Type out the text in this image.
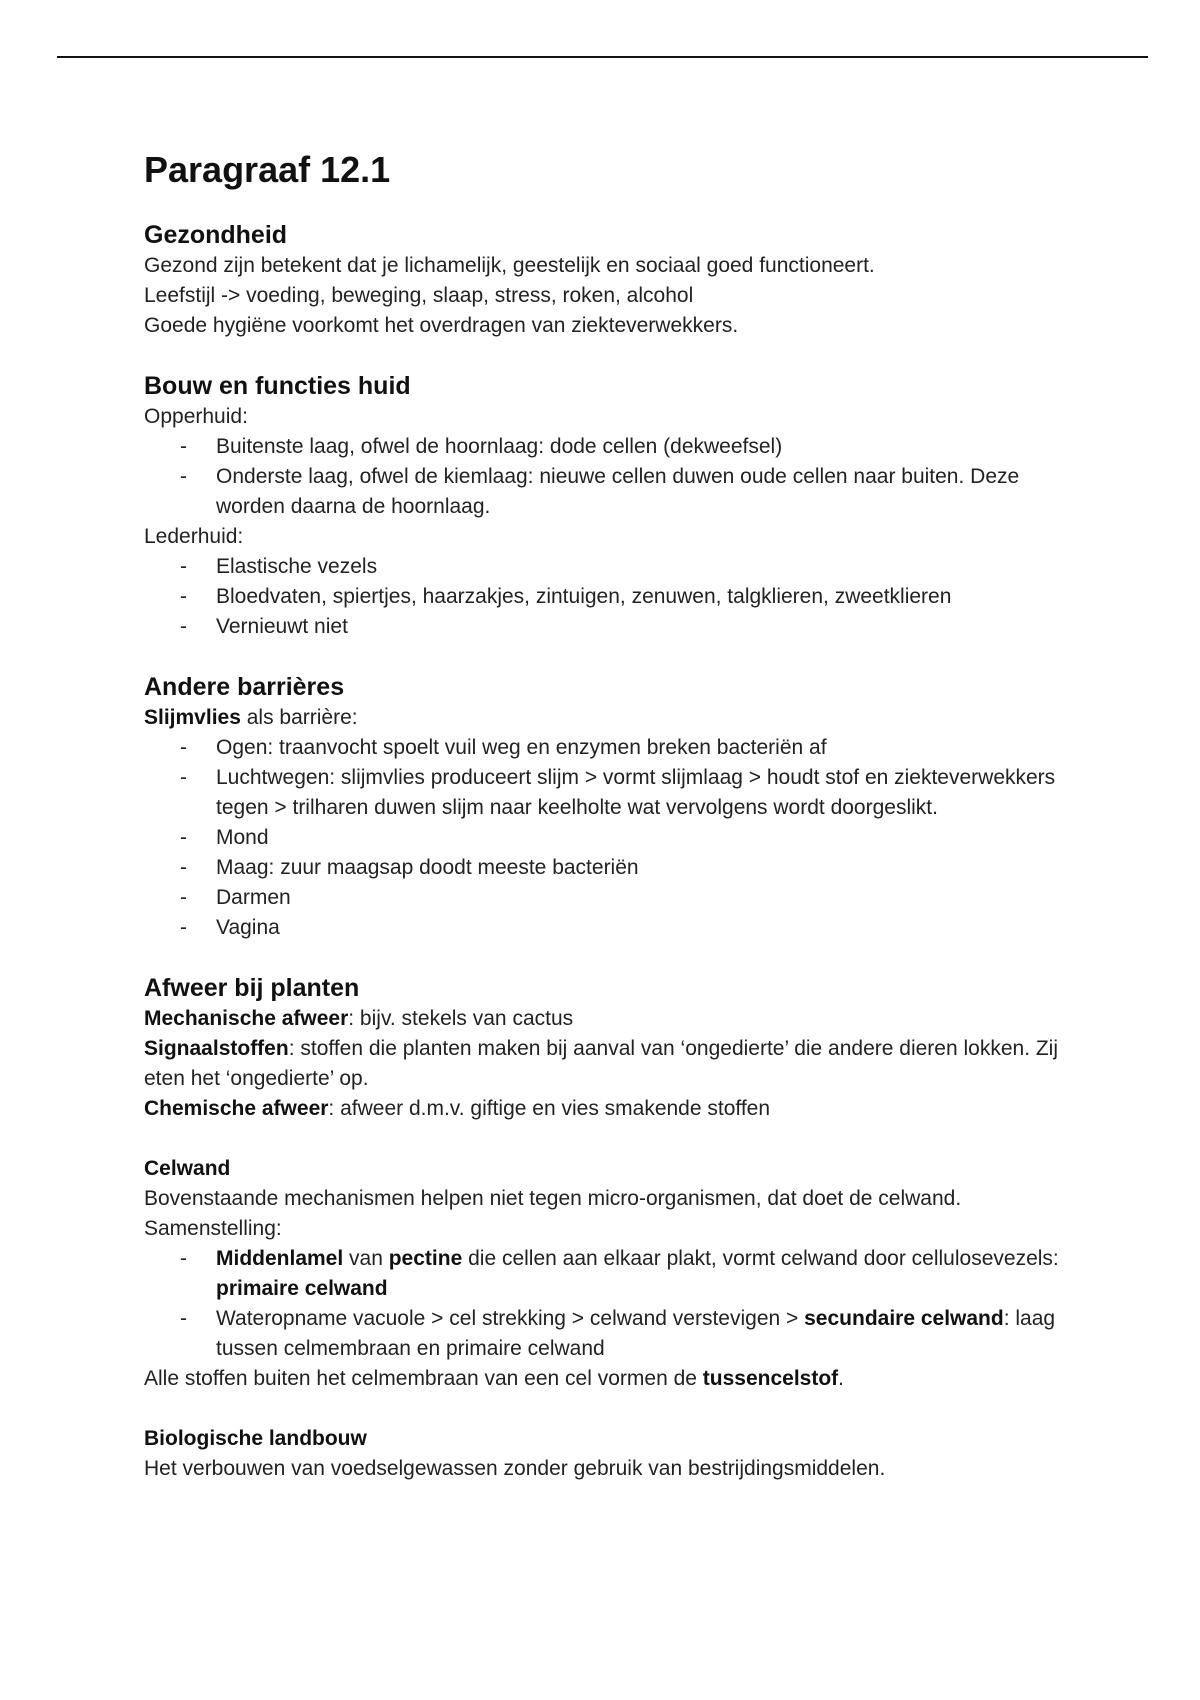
Paragraaf 12.1
Gezondheid

Gezond zijn betekent dat je lichamelijk, geestelijk en sociaal goed functioneert.

Leefstijl -> voeding, beweging, slaap, stress, roken, alcohol

Goede hygiëne voorkomt het overdragen van ziekteverwekkers.

Bouw en functies huid

Opperhuid:

- Buitenste laag, ofwel de hoornlaag: dode cellen (dekweefsel)
- Onderste laag, ofwel de kiemlaag: nieuwe cellen duwen oude cellen naar buiten. Deze worden daarna de hoornlaag.

Lederhuid:

- Elastische vezels
- Bloedvaten, spiertjes, haarzakjes, zintuigen, zenuwen, talgklieren, zweetklieren
- Vernieuwt niet
Andere barrières

Slijmvlies als barrière:

- Ogen: traanvocht spoelt vuil weg en enzymen breken bacteriën af
- Luchtwegen: slijmvlies produceert slijm > vormt slijmlaag > houdt stof en ziekteverwekkers tegen > trilharen duwen slijm naar keelholte wat vervolgens wordt doorgeslikt.
- Mond
- Maag: zuur maagsap doodt meeste bacteriën
- Darmen
- Vagina
Afweer bij planten

Mechanische afweer: bijv. stekels van cactus

Signaalstoffen: stoffen die planten maken bij aanval van ‘ongedierte’ die andere dieren lokken. Zij eten het ‘ongedierte’ op.

Chemische afweer: afweer d.m.v. giftige en vies smakende stoffen

Celwand

Bovenstaande mechanismen helpen niet tegen micro-organismen, dat doet de celwand. Samenstelling:

- Middenlamel van pectine die cellen aan elkaar plakt, vormt celwand door cellulosevezels: primaire celwand
- Wateropname vacuole > cel strekking > celwand verstevigen > secundaire celwand: laag tussen celmembraan en primaire celwand

Alle stoffen buiten het celmembraan van een cel vormen de tussencelstof.

Biologische landbouw

Het verbouwen van voedselgewassen zonder gebruik van bestrijdingsmiddelen.
